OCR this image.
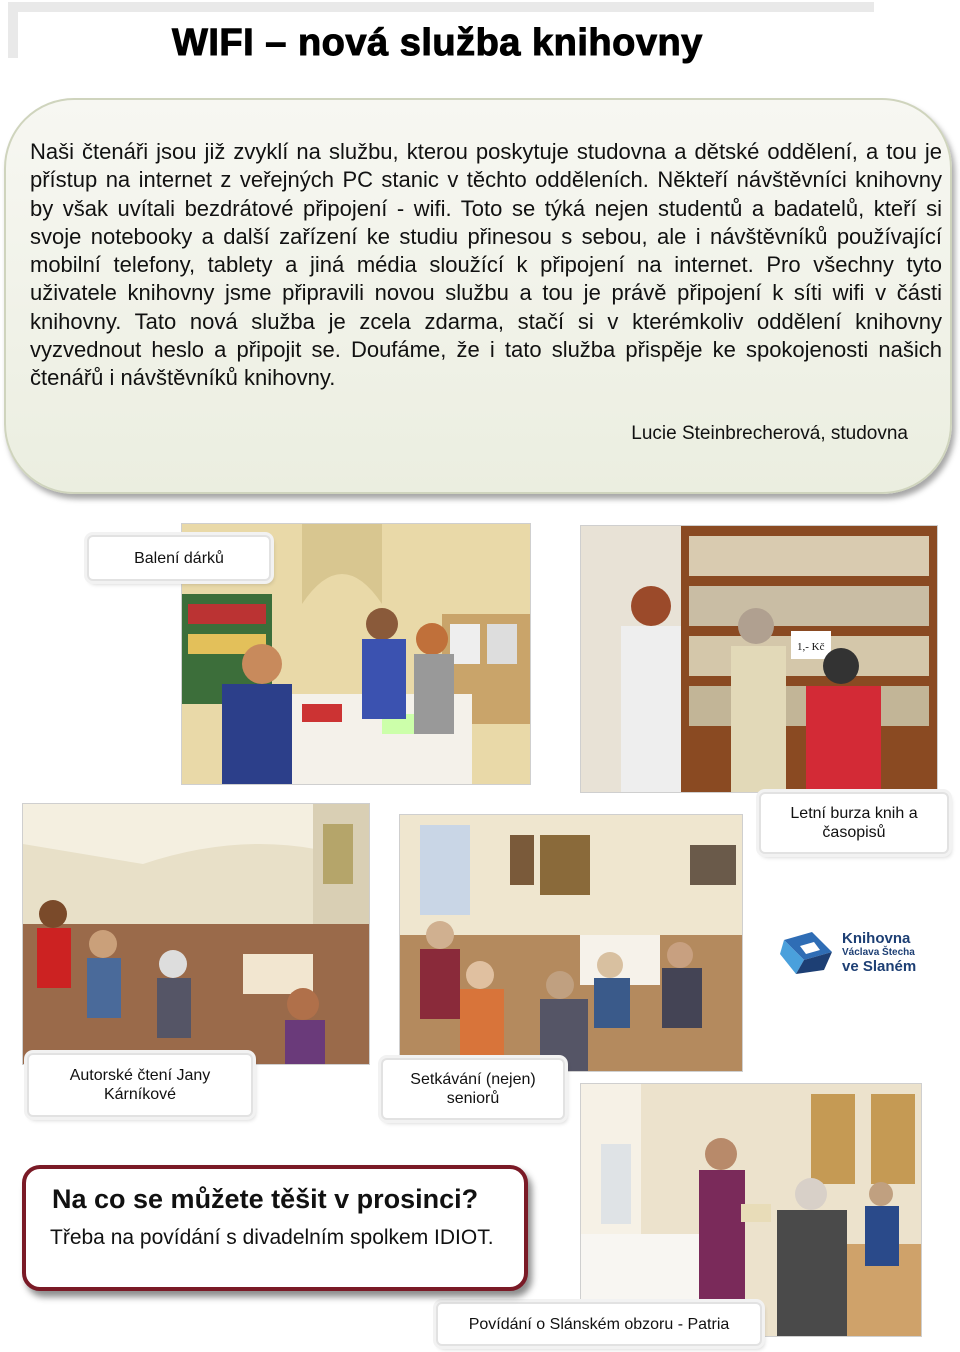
WIFI – nová služba knihovny

Naši čtenáři jsou již zvyklí na službu, kterou poskytuje studovna a dětské oddělení, a tou je přístup na internet z veřejných PC stanic v těchto odděleních. Někteří návštěvníci knihovny by však uvítali bezdrátové připojení - wifi. Toto se týká nejen studentů a badatelů, kteří si svoje notebooky a další zařízení ke studiu přinesou s sebou, ale i návštěvníků používající mobilní telefony, tablety a jiná média sloužící k připojení na internet. Pro všechny tyto uživatele knihovny jsme připravili novou službu a tou je právě připojení k síti wifi v části knihovny. Tato nová služba je zcela zdarma, stačí si v kterémkoliv oddělení knihovny vyzvednout heslo a připojit se. Doufáme, že i tato služba přispěje ke spokojenosti našich čtenářů i návštěvníků knihovny.

Lucie Steinbrecherová, studovna

1,- Kč
Balení dárků
Letní burza knih a časopisů
Autorské čtení Jany Kárníkové
Setkávání (nejen) seniorů
Povídání o Slánském obzoru - Patria
Knihovna
Václava Štecha
ve Slaném

Na co se můžete těšit v prosinci?

Třeba na povídání s divadelním spolkem IDIOT.
